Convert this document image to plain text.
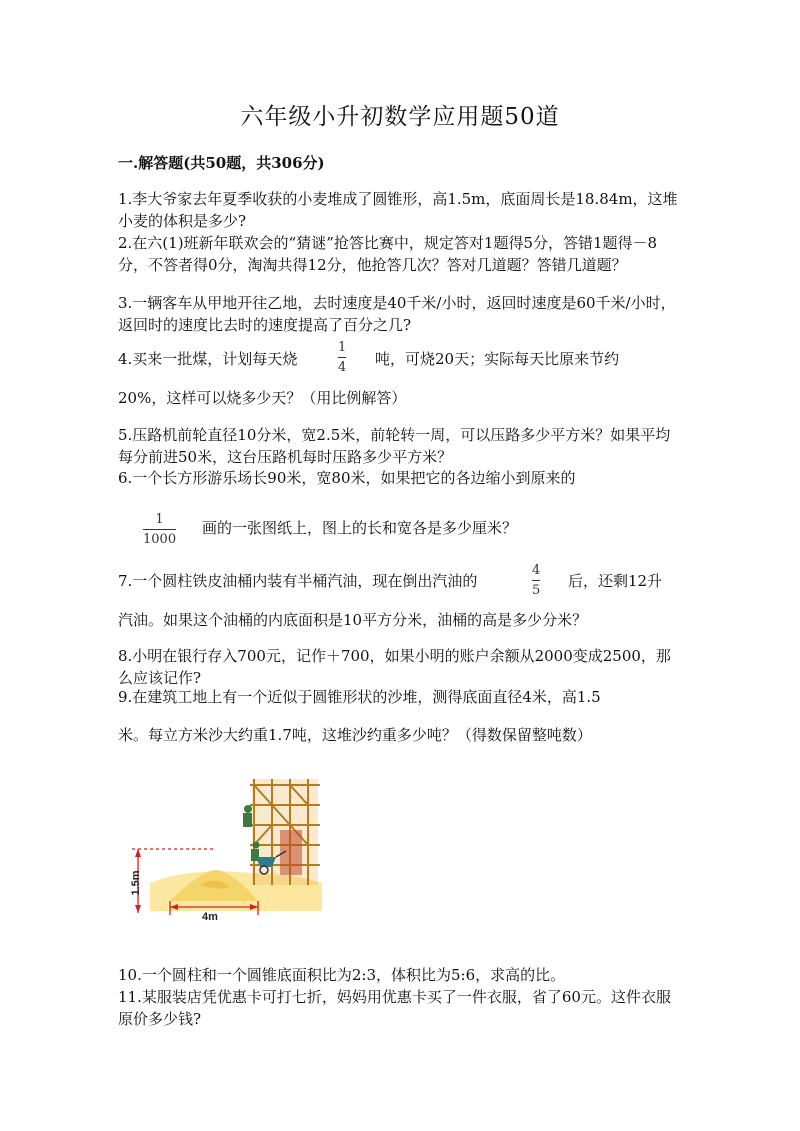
六年级小升初数学应用题50道
一.解答题(共50题，共306分)

1.李大爷家去年夏季收获的小麦堆成了圆锥形，高1.5m，底面周长是18.84m，这堆小麦的体积是多少?

2.在六(1)班新年联欢会的“猜谜”抢答比赛中，规定答对1题得5分，答错1题得－8分，不答者得0分，淘淘共得12分，他抢答几次？答对几道题？答错几道题？

3.一辆客车从甲地开往乙地，去时速度是40千米/小时，返回时速度是60千米/小时，返回时的速度比去时的速度提高了百分之几?

4.买来一批煤，计划每天烧
1
4 吨，可烧20天；实际每天比原来节约
20%，这样可以烧多少天？（用比例解答）

5.压路机前轮直径10分米，宽2.5米，前轮转一周，可以压路多少平方米？如果平均每分前进50米，这台压路机每时压路多少平方米？

6.一个长方形游乐场长90米，宽80米，如果把它的各边缩小到原来的
1
1000
画的一张图纸上，图上的长和宽各是多少厘米？
7.一个圆柱铁皮油桶内装有半桶汽油，现在倒出汽油的
4
5
后，还剩12升
汽油。如果这个油桶的内底面积是10平方分米，油桶的高是多少分米？

8.小明在银行存入700元，记作＋700，如果小明的账户余额从2000变成2500，那么应该记作?

9.在建筑工地上有一个近似于圆锥形状的沙堆，测得底面直径4米，高1.5
米。每立方米沙大约重1.7吨，这堆沙约重多少吨？（得数保留整吨数）
1.5m
4m

10.一个圆柱和一个圆锥底面积比为2:3，体积比为5:6，求高的比。

11.某服装店凭优惠卡可打七折，妈妈用优惠卡买了一件衣服，省了60元。这件衣服原价多少钱?
